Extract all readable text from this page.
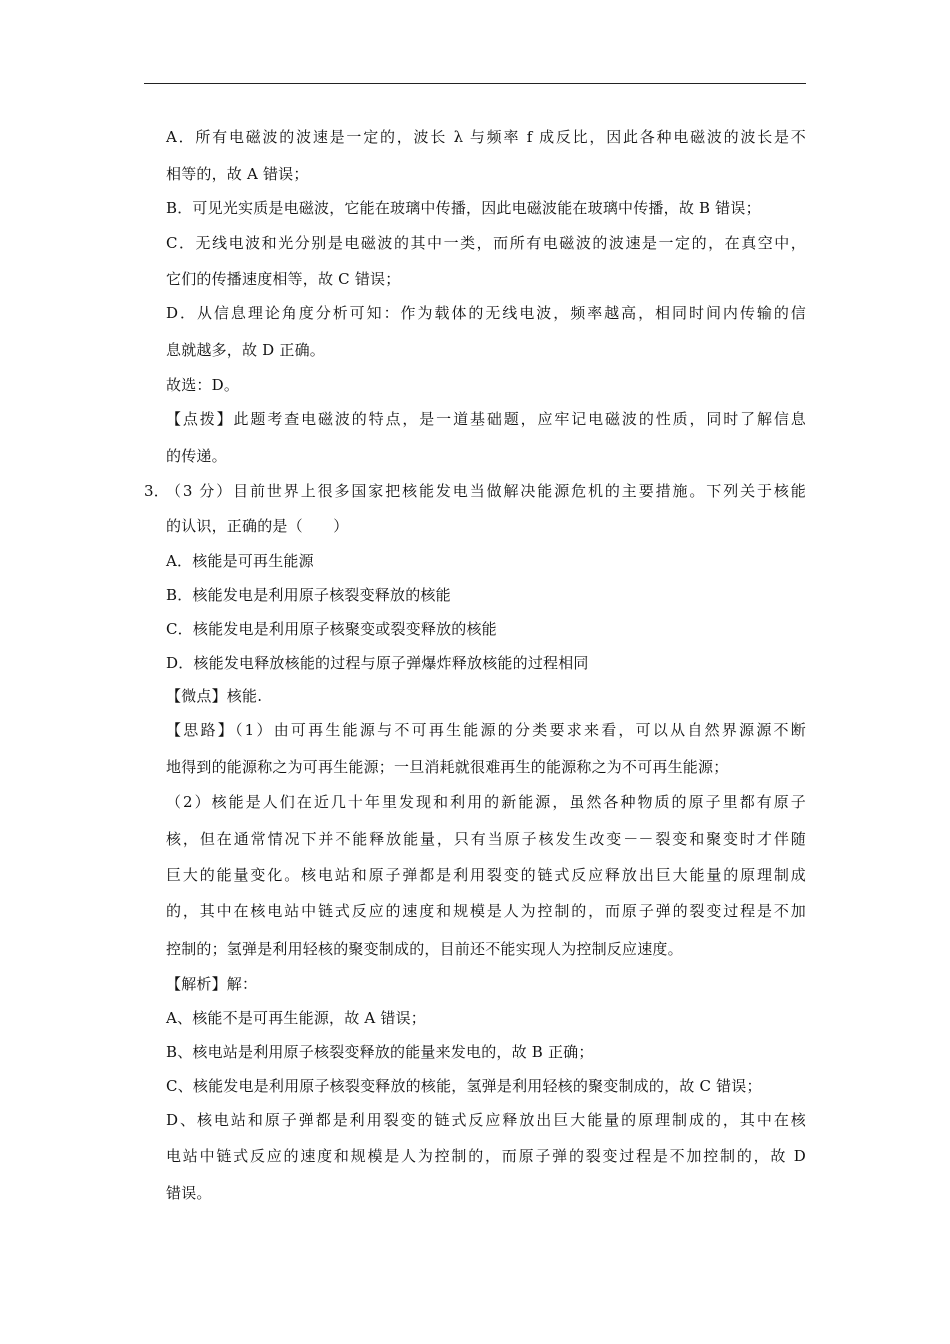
A．所有电磁波的波速是一定的，波长 λ 与频率 f 成反比，因此各种电磁波的波长是不
相等的，故 A 错误；
B．可见光实质是电磁波，它能在玻璃中传播，因此电磁波能在玻璃中传播，故 B 错误；
C．无线电波和光分别是电磁波的其中一类，而所有电磁波的波速是一定的，在真空中，
它们的传播速度相等，故 C 错误；
D．从信息理论角度分析可知：作为载体的无线电波，频率越高，相同时间内传输的信
息就越多，故 D 正确。
故选：D。
【点拨】此题考查电磁波的特点，是一道基础题，应牢记电磁波的性质，同时了解信息
的传递。
3．
（3 分）目前世界上很多国家把核能发电当做解决能源危机的主要措施。下列关于核能
的认识，正确的是（　　）
A．核能是可再生能源
B．核能发电是利用原子核裂变释放的核能
C．核能发电是利用原子核聚变或裂变释放的核能
D．核能发电释放核能的过程与原子弹爆炸释放核能的过程相同
【微点】核能.
【思路】（1）由可再生能源与不可再生能源的分类要求来看，可以从自然界源源不断
地得到的能源称之为可再生能源；一旦消耗就很难再生的能源称之为不可再生能源；
（2）核能是人们在近几十年里发现和利用的新能源，虽然各种物质的原子里都有原子
核，但在通常情况下并不能释放能量，只有当原子核发生改变－－裂变和聚变时才伴随
巨大的能量变化。核电站和原子弹都是利用裂变的链式反应释放出巨大能量的原理制成
的，其中在核电站中链式反应的速度和规模是人为控制的，而原子弹的裂变过程是不加
控制的；氢弹是利用轻核的聚变制成的，目前还不能实现人为控制反应速度。
【解析】解：
A、核能不是可再生能源，故 A 错误；
B、核电站是利用原子核裂变释放的能量来发电的，故 B 正确；
C、核能发电是利用原子核裂变释放的核能，氢弹是利用轻核的聚变制成的，故 C 错误；
D、核电站和原子弹都是利用裂变的链式反应释放出巨大能量的原理制成的，其中在核
电站中链式反应的速度和规模是人为控制的，而原子弹的裂变过程是不加控制的，故 D
错误。
